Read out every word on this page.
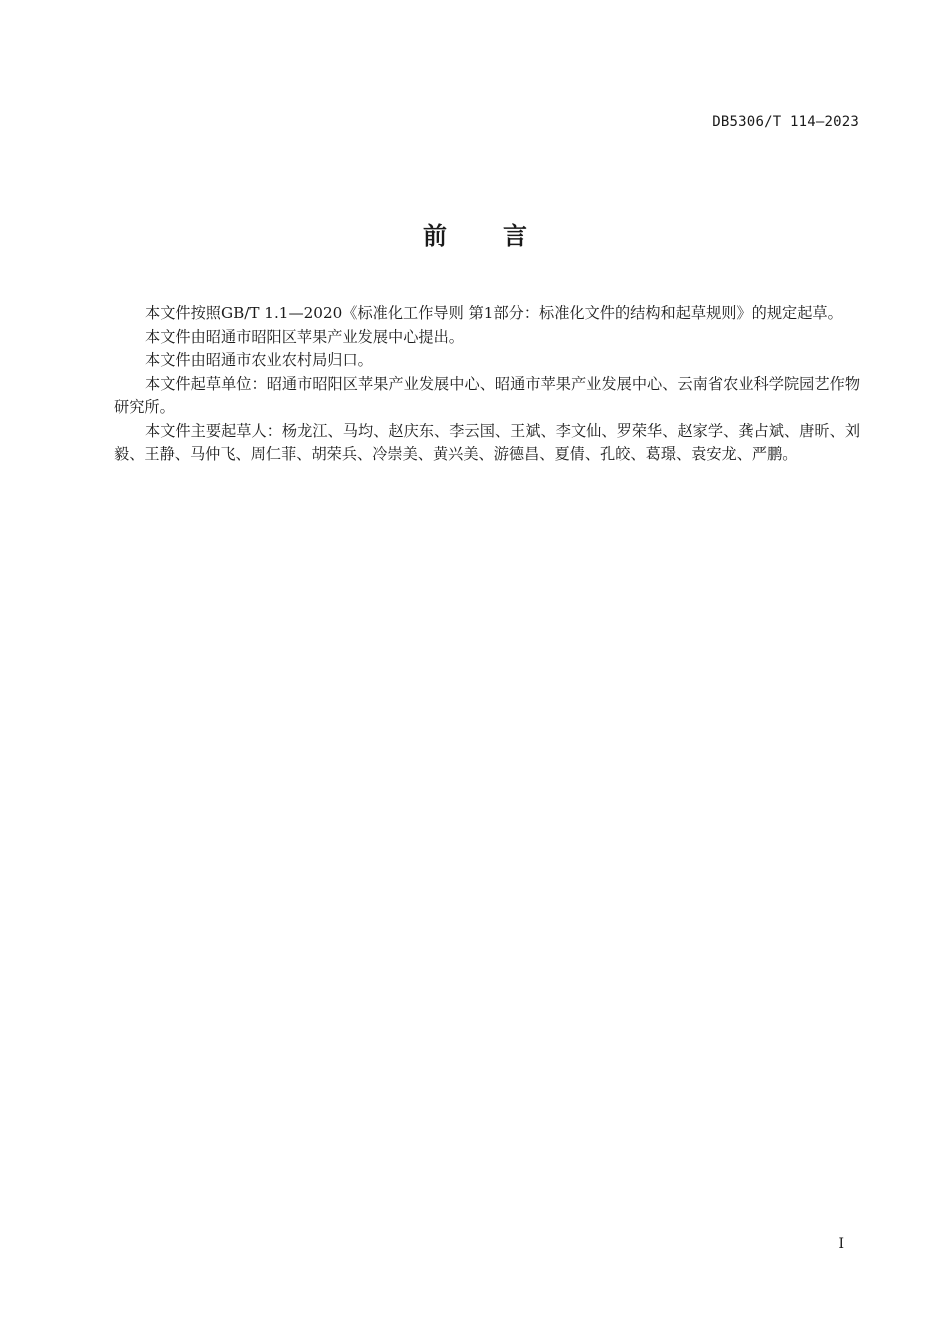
DB5306/T 114—2023
前言

本文件按照GB/T 1.1—2020《标准化工作导则 第1部分：标准化文件的结构和起草规则》的规定起草。

本文件由昭通市昭阳区苹果产业发展中心提出。

本文件由昭通市农业农村局归口。

本文件起草单位：昭通市昭阳区苹果产业发展中心、昭通市苹果产业发展中心、云南省农业科学院园艺作物研究所。

本文件主要起草人：杨龙江、马均、赵庆东、李云国、王斌、李文仙、罗荣华、赵家学、龚占斌、唐昕、刘毅、王静、马仲飞、周仁菲、胡荣兵、冷崇美、黄兴美、游德昌、夏倩、孔皎、葛璟、袁安龙、严鹏。

I
